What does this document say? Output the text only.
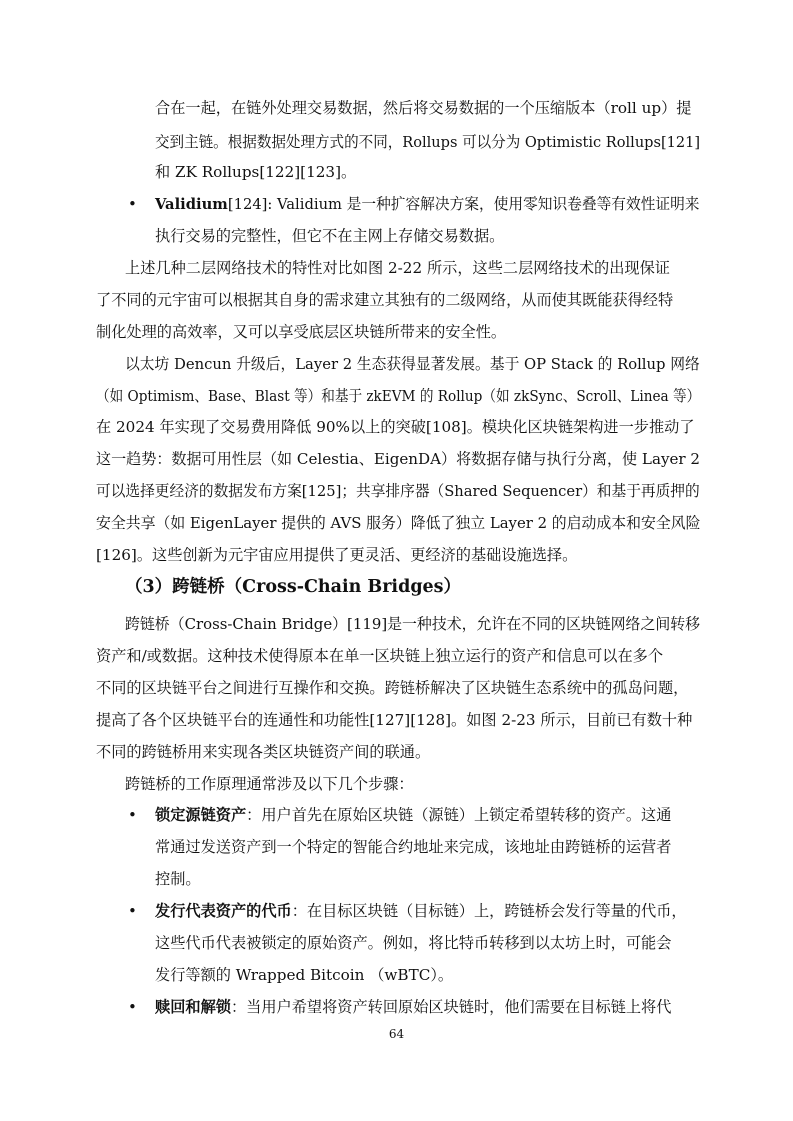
合在一起，在链外处理交易数据，然后将交易数据的一个压缩版本（roll up）提
交到主链。根据数据处理方式的不同，Rollups 可以分为 Optimistic Rollups[121]
和 ZK Rollups[122][123]。
• Validium[124]: Validium 是一种扩容解决方案，使用零知识卷叠等有效性证明来
执行交易的完整性，但它不在主网上存储交易数据。
上述几种二层网络技术的特性对比如图 2-22 所示，这些二层网络技术的出现保证
了不同的元宇宙可以根据其自身的需求建立其独有的二级网络，从而使其既能获得经特
制化处理的高效率，又可以享受底层区块链所带来的安全性。
以太坊 Dencun 升级后，Layer 2 生态获得显著发展。基于 OP Stack 的 Rollup 网络
（如 Optimism、Base、Blast 等）和基于 zkEVM 的 Rollup（如 zkSync、Scroll、Linea 等）
在 2024 年实现了交易费用降低 90%以上的突破[108]。模块化区块链架构进一步推动了
这一趋势：数据可用性层（如 Celestia、EigenDA）将数据存储与执行分离，使 Layer 2
可以选择更经济的数据发布方案[125]；共享排序器（Shared Sequencer）和基于再质押的
安全共享（如 EigenLayer 提供的 AVS 服务）降低了独立 Layer 2 的启动成本和安全风险
[126]。这些创新为元宇宙应用提供了更灵活、更经济的基础设施选择。
（3）跨链桥（Cross-Chain Bridges）
跨链桥（Cross-Chain Bridge）[119]是一种技术，允许在不同的区块链网络之间转移
资产和/或数据。这种技术使得原本在单一区块链上独立运行的资产和信息可以在多个
不同的区块链平台之间进行互操作和交换。跨链桥解决了区块链生态系统中的孤岛问题，
提高了各个区块链平台的连通性和功能性[127][128]。如图 2-23 所示，目前已有数十种
不同的跨链桥用来实现各类区块链资产间的联通。
跨链桥的工作原理通常涉及以下几个步骤：
• 锁定源链资产：用户首先在原始区块链（源链）上锁定希望转移的资产。这通
常通过发送资产到一个特定的智能合约地址来完成，该地址由跨链桥的运营者
控制。
• 发行代表资产的代币：在目标区块链（目标链）上，跨链桥会发行等量的代币，
这些代币代表被锁定的原始资产。例如，将比特币转移到以太坊上时，可能会
发行等额的 Wrapped Bitcoin （wBTC）。
• 赎回和解锁：当用户希望将资产转回原始区块链时，他们需要在目标链上将代
64
